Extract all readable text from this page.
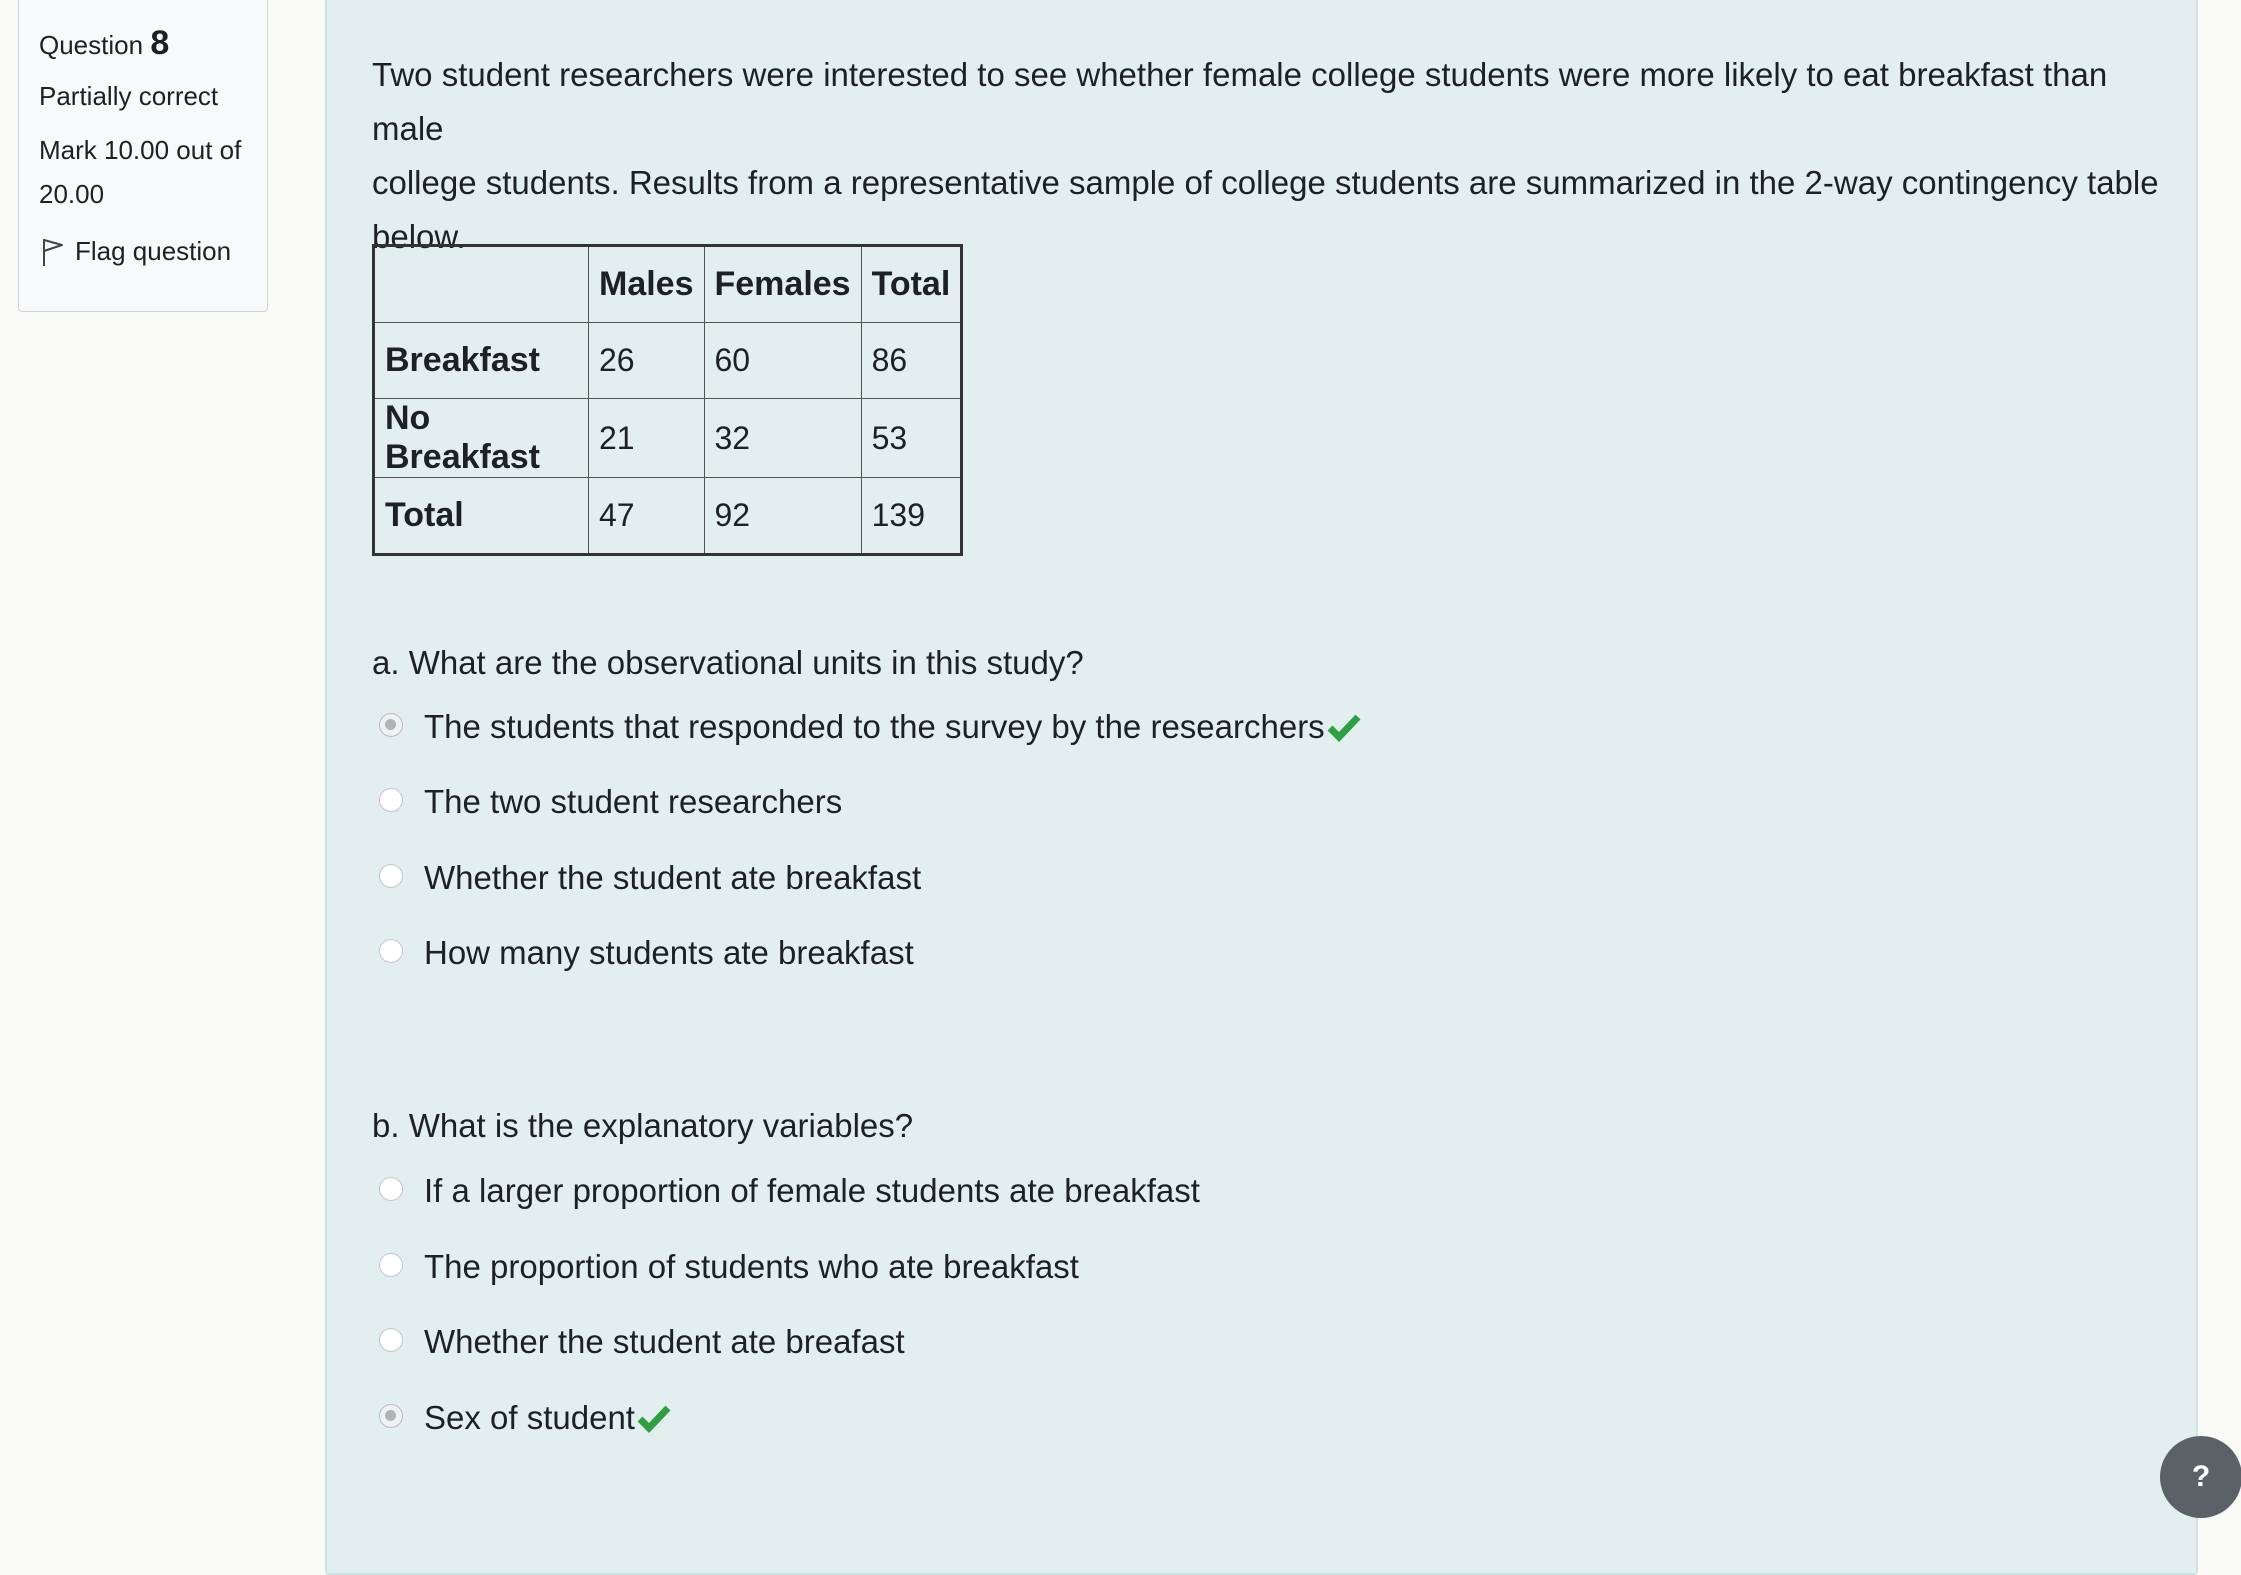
Question 8
Partially correct
Mark 10.00 out of
20.00
Flag question
Two student researchers were interested to see whether female college students were more likely to eat breakfast than male
college students. Results from a representative sample of college students are summarized in the 2-way contingency table below.
	Males	Females	Total
Breakfast	26	60	86
No Breakfast	21	32	53
Total	47	92	139
a. What are the observational units in this study?
The students that responded to the survey by the researchers
The two student researchers
Whether the student ate breakfast
How many students ate breakfast
b. What is the explanatory variables?
If a larger proportion of female students ate breakfast
The proportion of students who ate breakfast
Whether the student ate breafast
Sex of student
?
